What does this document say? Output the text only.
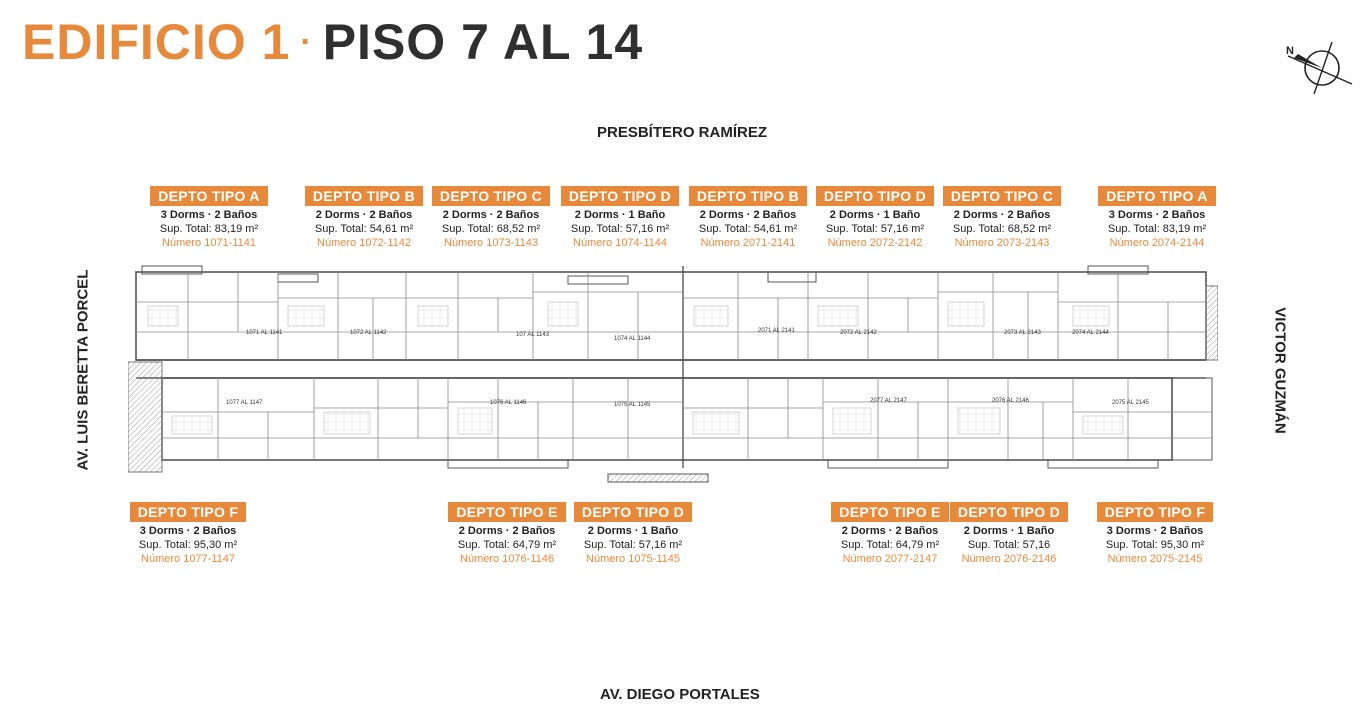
EDIFICIO 1 · PISO 7 AL 14	N
PRESBÍTERO RAMÍREZ
AV. DIEGO PORTALES
AV. LUIS BERETTA PORCEL	VICTOR GUZMÁN
DEPTO TIPO A
3 Dorms · 2 Baños
Sup. Total: 83,19 m²
Número 1071-1141
DEPTO TIPO B
2 Dorms · 2 Baños
Sup. Total: 54,61 m²
Número 1072-1142
DEPTO TIPO C
2 Dorms · 2 Baños
Sup. Total: 68,52 m²
Número 1073-1143
DEPTO TIPO D
2 Dorms · 1 Baño
Sup. Total: 57,16 m²
Número 1074-1144
DEPTO TIPO B
2 Dorms · 2 Baños
Sup. Total: 54,61 m²
Número 2071-2141
DEPTO TIPO D
2 Dorms · 1 Baño
Sup. Total: 57,16 m²
Número 2072-2142
DEPTO TIPO C
2 Dorms · 2 Baños
Sup. Total: 68,52 m²
Número 2073-2143
DEPTO TIPO A
3 Dorms · 2 Baños
Sup. Total: 83,19 m²
Número 2074-2144
DEPTO TIPO F
3 Dorms · 2 Baños
Sup. Total: 95,30 m²
Número 1077-1147
DEPTO TIPO E
2 Dorms · 2 Baños
Sup. Total: 64,79 m²
Número 1076-1146
DEPTO TIPO D
2 Dorms · 1 Baño
Sup. Total: 57,16 m²
Número 1075-1145
DEPTO TIPO E
2 Dorms · 2 Baños
Sup. Total: 64,79 m²
Número 2077-2147
DEPTO TIPO D
2 Dorms · 1 Baño
Sup. Total: 57,16
Número 2076-2146
DEPTO TIPO F
3 Dorms · 2 Baños
Sup. Total: 95,30 m²
Número 2075-2145
1071 AL 1141	1072 AL 1142	107 AL 1143
1074 AL 1144
2071 AL 2141	2072 AL 2142	2073 AL 2143	2074 AL 2144
1077 AL 1147	1076 AL 1146	1075 AL 1145
2077 AL 2147	2076 AL 2146	2075 AL 2145
